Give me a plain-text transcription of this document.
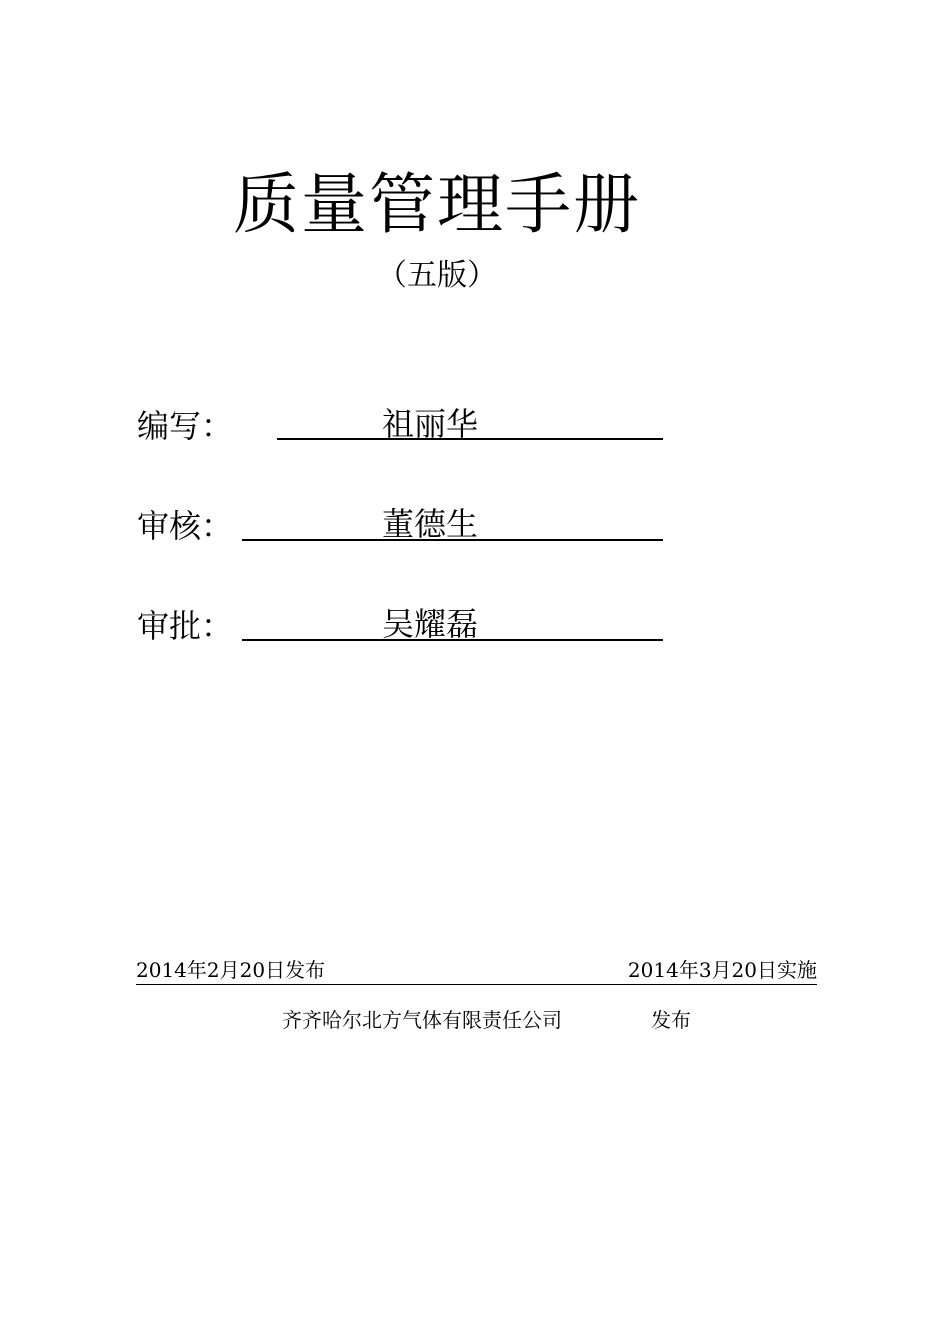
质量管理手册
（五版）
编写：	祖丽华
审核：	董德生
审批：	吴耀磊
2014年2月20日发布	2014年3月20日实施
齐齐哈尔北方气体有限责任公司	发布
